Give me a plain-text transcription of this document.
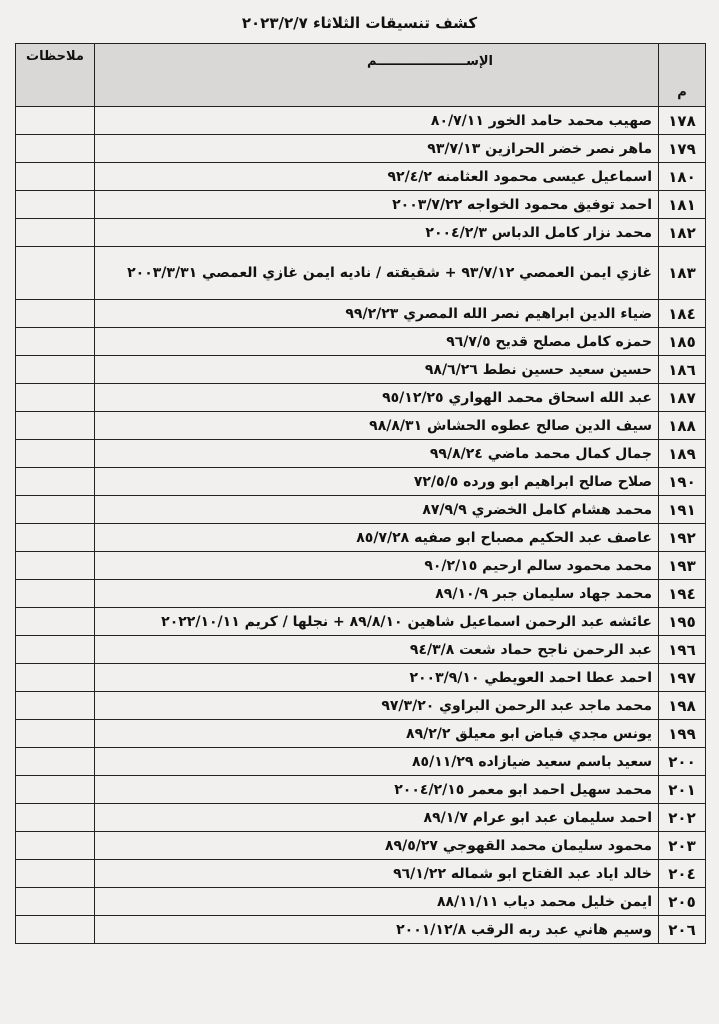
كشف تنسيقات الثلاثاء ٢٠٢٣/٢/٧
م	الإســــــــــــــــــــم	ملاحظات
١٧٨	صهيب محمد حامد الخور ٨٠/٧/١١	
١٧٩	ماهر نصر خضر الحرازين ٩٣/٧/١٣	
١٨٠	اسماعيل عيسى محمود العثامنه ٩٢/٤/٢	
١٨١	احمد توفيق محمود الخواجه ٢٠٠٣/٧/٢٢	
١٨٢	محمد نزار كامل الدباس ٢٠٠٤/٢/٣	
١٨٣	غازي ايمن العمصي ٩٣/٧/١٢ + شقيقته / ناديه ايمن غازي العمصي ٢٠٠٣/٣/٣١	
١٨٤	ضياء الدين ابراهيم نصر الله المصري ٩٩/٢/٢٣	
١٨٥	حمزه كامل مصلح قديح ٩٦/٧/٥	
١٨٦	حسين سعيد حسين نطط ٩٨/٦/٢٦	
١٨٧	عبد الله اسحاق محمد الهواري ٩٥/١٢/٢٥	
١٨٨	سيف الدين صالح عطوه الحشاش ٩٨/٨/٣١	
١٨٩	جمال كمال محمد ماضي ٩٩/٨/٢٤	
١٩٠	صلاح صالح ابراهيم ابو ورده ٧٢/٥/٥	
١٩١	محمد هشام كامل الخضري ٨٧/٩/٩	
١٩٢	عاصف عبد الحكيم مصباح ابو صفيه ٨٥/٧/٢٨	
١٩٣	محمد محمود سالم ارحيم ٩٠/٢/١٥	
١٩٤	محمد جهاد سليمان جبر ٨٩/١٠/٩	
١٩٥	عائشه عبد الرحمن اسماعيل شاهين ٨٩/٨/١٠ + نجلها / كريم ٢٠٢٢/١٠/١١	
١٩٦	عبد الرحمن ناجح حماد شعت ٩٤/٣/٨	
١٩٧	احمد عطا احمد العويطي ٢٠٠٣/٩/١٠	
١٩٨	محمد ماجد عبد الرحمن البراوي ٩٧/٣/٢٠	
١٩٩	يونس مجدي فياض ابو معيلق ٨٩/٢/٢	
٢٠٠	سعيد باسم سعيد ضيازاده ٨٥/١١/٢٩	
٢٠١	محمد سهيل احمد ابو معمر ٢٠٠٤/٢/١٥	
٢٠٢	احمد سليمان عبد ابو عرام ٨٩/١/٧	
٢٠٣	محمود سليمان محمد القهوجي ٨٩/٥/٢٧	
٢٠٤	خالد اياد عبد الفتاح ابو شماله ٩٦/١/٢٢	
٢٠٥	ايمن خليل محمد دياب ٨٨/١١/١١	
٢٠٦	وسيم هاني عبد ربه الرقب ٢٠٠١/١٢/٨	
